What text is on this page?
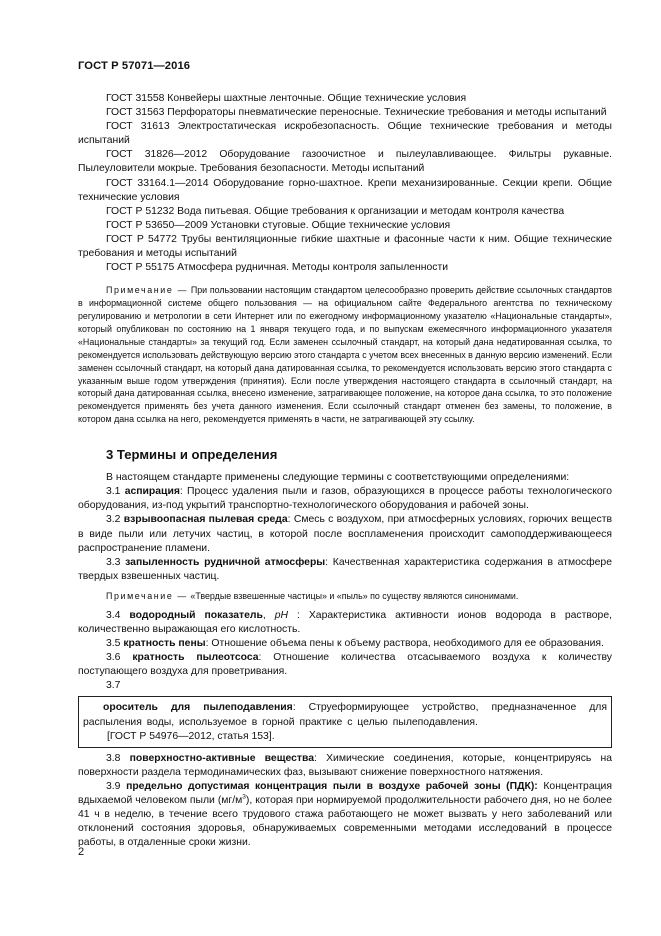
ГОСТ Р 57071—2016

ГОСТ 31558 Конвейеры шахтные ленточные. Общие технические условия

ГОСТ 31563 Перфораторы пневматические переносные. Технические требования и методы испытаний

ГОСТ 31613 Электростатическая искробезопасность. Общие технические требования и методы испытаний

ГОСТ 31826—2012 Оборудование газоочистное и пылеулавливающее. Фильтры рукавные. Пылеуловители мокрые. Требования безопасности. Методы испытаний

ГОСТ 33164.1—2014 Оборудование горно-шахтное. Крепи механизированные. Секции крепи. Общие технические условия

ГОСТ Р 51232 Вода питьевая. Общие требования к организации и методам контроля качества

ГОСТ Р 53650—2009 Установки стуговые. Общие технические условия

ГОСТ Р 54772 Трубы вентиляционные гибкие шахтные и фасонные части к ним. Общие технические требования и методы испытаний

ГОСТ Р 55175 Атмосфера рудничная. Методы контроля запыленности

Примечание — При пользовании настоящим стандартом целесообразно проверить действие ссылочных стандартов в информационной системе общего пользования — на официальном сайте Федерального агентства по техническому регулированию и метрологии в сети Интернет или по ежегодному информационному указателю «Национальные стандарты», который опубликован по состоянию на 1 января текущего года, и по выпускам ежемесячного информационного указателя «Национальные стандарты» за текущий год. Если заменен ссылочный стандарт, на который дана недатированная ссылка, то рекомендуется использовать действующую версию этого стандарта с учетом всех внесенных в данную версию изменений. Если заменен ссылочный стандарт, на который дана датированная ссылка, то рекомендуется использовать версию этого стандарта с указанным выше годом утверждения (принятия). Если после утверждения настоящего стандарта в ссылочный стандарт, на который дана датированная ссылка, внесено изменение, затрагивающее положение, на которое дана ссылка, то это положение рекомендуется применять без учета данного изменения. Если ссылочный стандарт отменен без замены, то положение, в котором дана ссылка на него, рекомендуется применять в части, не затрагивающей эту ссылку.
3 Термины и определения

В настоящем стандарте применены следующие термины с соответствующими определениями:

3.1 аспирация: Процесс удаления пыли и газов, образующихся в процессе работы технологического оборудования, из-под укрытий транспортно-технологического оборудования и рабочей зоны.

3.2 взрывоопасная пылевая среда: Смесь с воздухом, при атмосферных условиях, горючих веществ в виде пыли или летучих частиц, в которой после воспламенения происходит самоподдерживающееся распространение пламени.

3.3 запыленность рудничной атмосферы: Качественная характеристика содержания в атмосфере твердых взвешенных частиц.

Примечание — «Твердые взвешенные частицы» и «пыль» по существу являются синонимами.

3.4 водородный показатель, pH : Характеристика активности ионов водорода в растворе, количественно выражающая его кислотность.

3.5 кратность пены: Отношение объема пены к объему раствора, необходимого для ее образования.

3.6 кратность пылеотсоса: Отношение количества отсасываемого воздуха к количеству поступающего воздуха для проветривания.

3.7

ороситель для пылеподавления: Струеформирующее устройство, предназначенное для распыления воды, используемое в горной практике с целью пылеподавления.

[ГОСТ Р 54976—2012, статья 153].

3.8 поверхностно-активные вещества: Химические соединения, которые, концентрируясь на поверхности раздела термодинамических фаз, вызывают снижение поверхностного натяжения.

3.9 предельно допустимая концентрация пыли в воздухе рабочей зоны (ПДК): Концентрация вдыхаемой человеком пыли $(мг/м^3)$, которая при нормируемой продолжительности рабочего дня, но не более 41 ч в неделю, в течение всего трудового стажа работающего не может вызвать у него заболеваний или отклонений состояния здоровья, обнаруживаемых современными методами исследований в процессе работы, в отдаленные сроки жизни.

2
